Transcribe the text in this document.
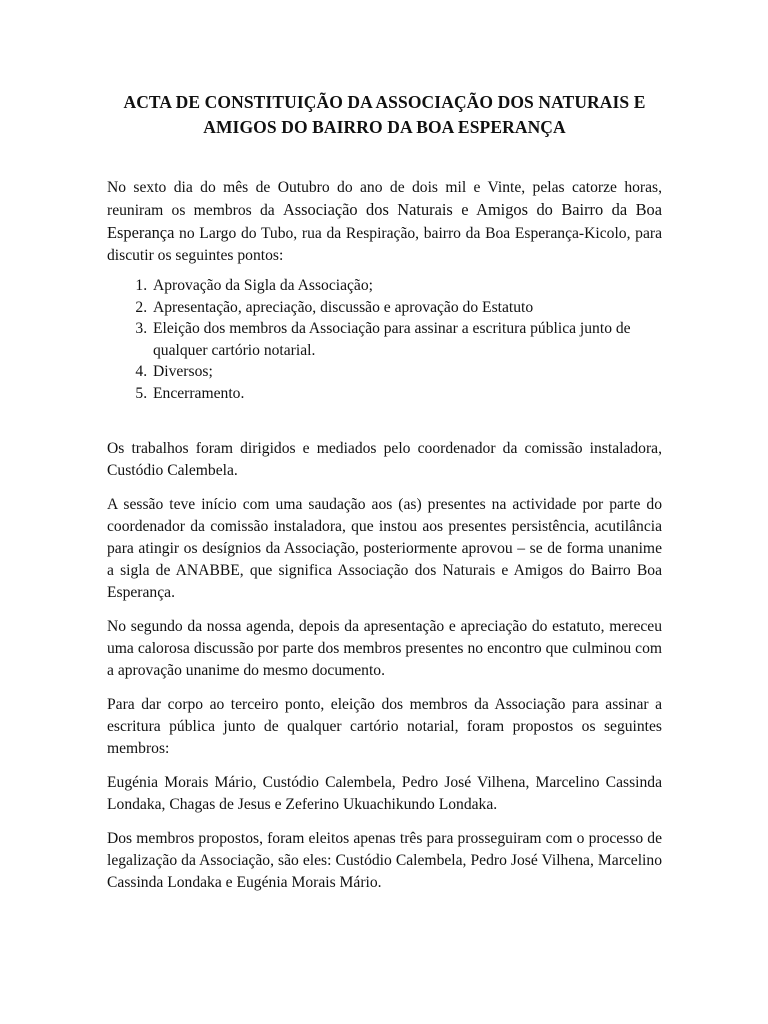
ACTA DE CONSTITUIÇÃO DA ASSOCIAÇÃO DOS NATURAIS E
AMIGOS DO BAIRRO DA BOA ESPERANÇA

No sexto dia do mês de Outubro do ano de dois mil e Vinte, pelas catorze horas, reuniram os membros da Associação dos Naturais e Amigos do Bairro da Boa Esperança no Largo do Tubo, rua da Respiração, bairro da Boa Esperança-Kicolo, para discutir os seguintes pontos:

1. Aprovação da Sigla da Associação;
2. Apresentação, apreciação, discussão e aprovação do Estatuto
3. Eleição dos membros da Associação para assinar a escritura pública junto de qualquer cartório notarial.
4. Diversos;
5. Encerramento.

Os trabalhos foram dirigidos e mediados pelo coordenador da comissão instaladora, Custódio Calembela.

A sessão teve início com uma saudação aos (as) presentes na actividade por parte do coordenador da comissão instaladora, que instou aos presentes persistência, acutilância para atingir os desígnios da Associação, posteriormente aprovou – se de forma unanime a sigla de ANABBE, que significa Associação dos Naturais e Amigos do Bairro Boa Esperança.

No segundo da nossa agenda, depois da apresentação e apreciação do estatuto, mereceu uma calorosa discussão por parte dos membros presentes no encontro que culminou com a aprovação unanime do mesmo documento.

Para dar corpo ao terceiro ponto, eleição dos membros da Associação para assinar a escritura pública junto de qualquer cartório notarial, foram propostos os seguintes membros:

Eugénia Morais Mário, Custódio Calembela, Pedro José Vilhena, Marcelino Cassinda Londaka, Chagas de Jesus e Zeferino Ukuachikundo Londaka.

Dos membros propostos, foram eleitos apenas três para prosseguiram com o processo de legalização da Associação, são eles: Custódio Calembela, Pedro José Vilhena, Marcelino Cassinda Londaka e Eugénia Morais Mário.
